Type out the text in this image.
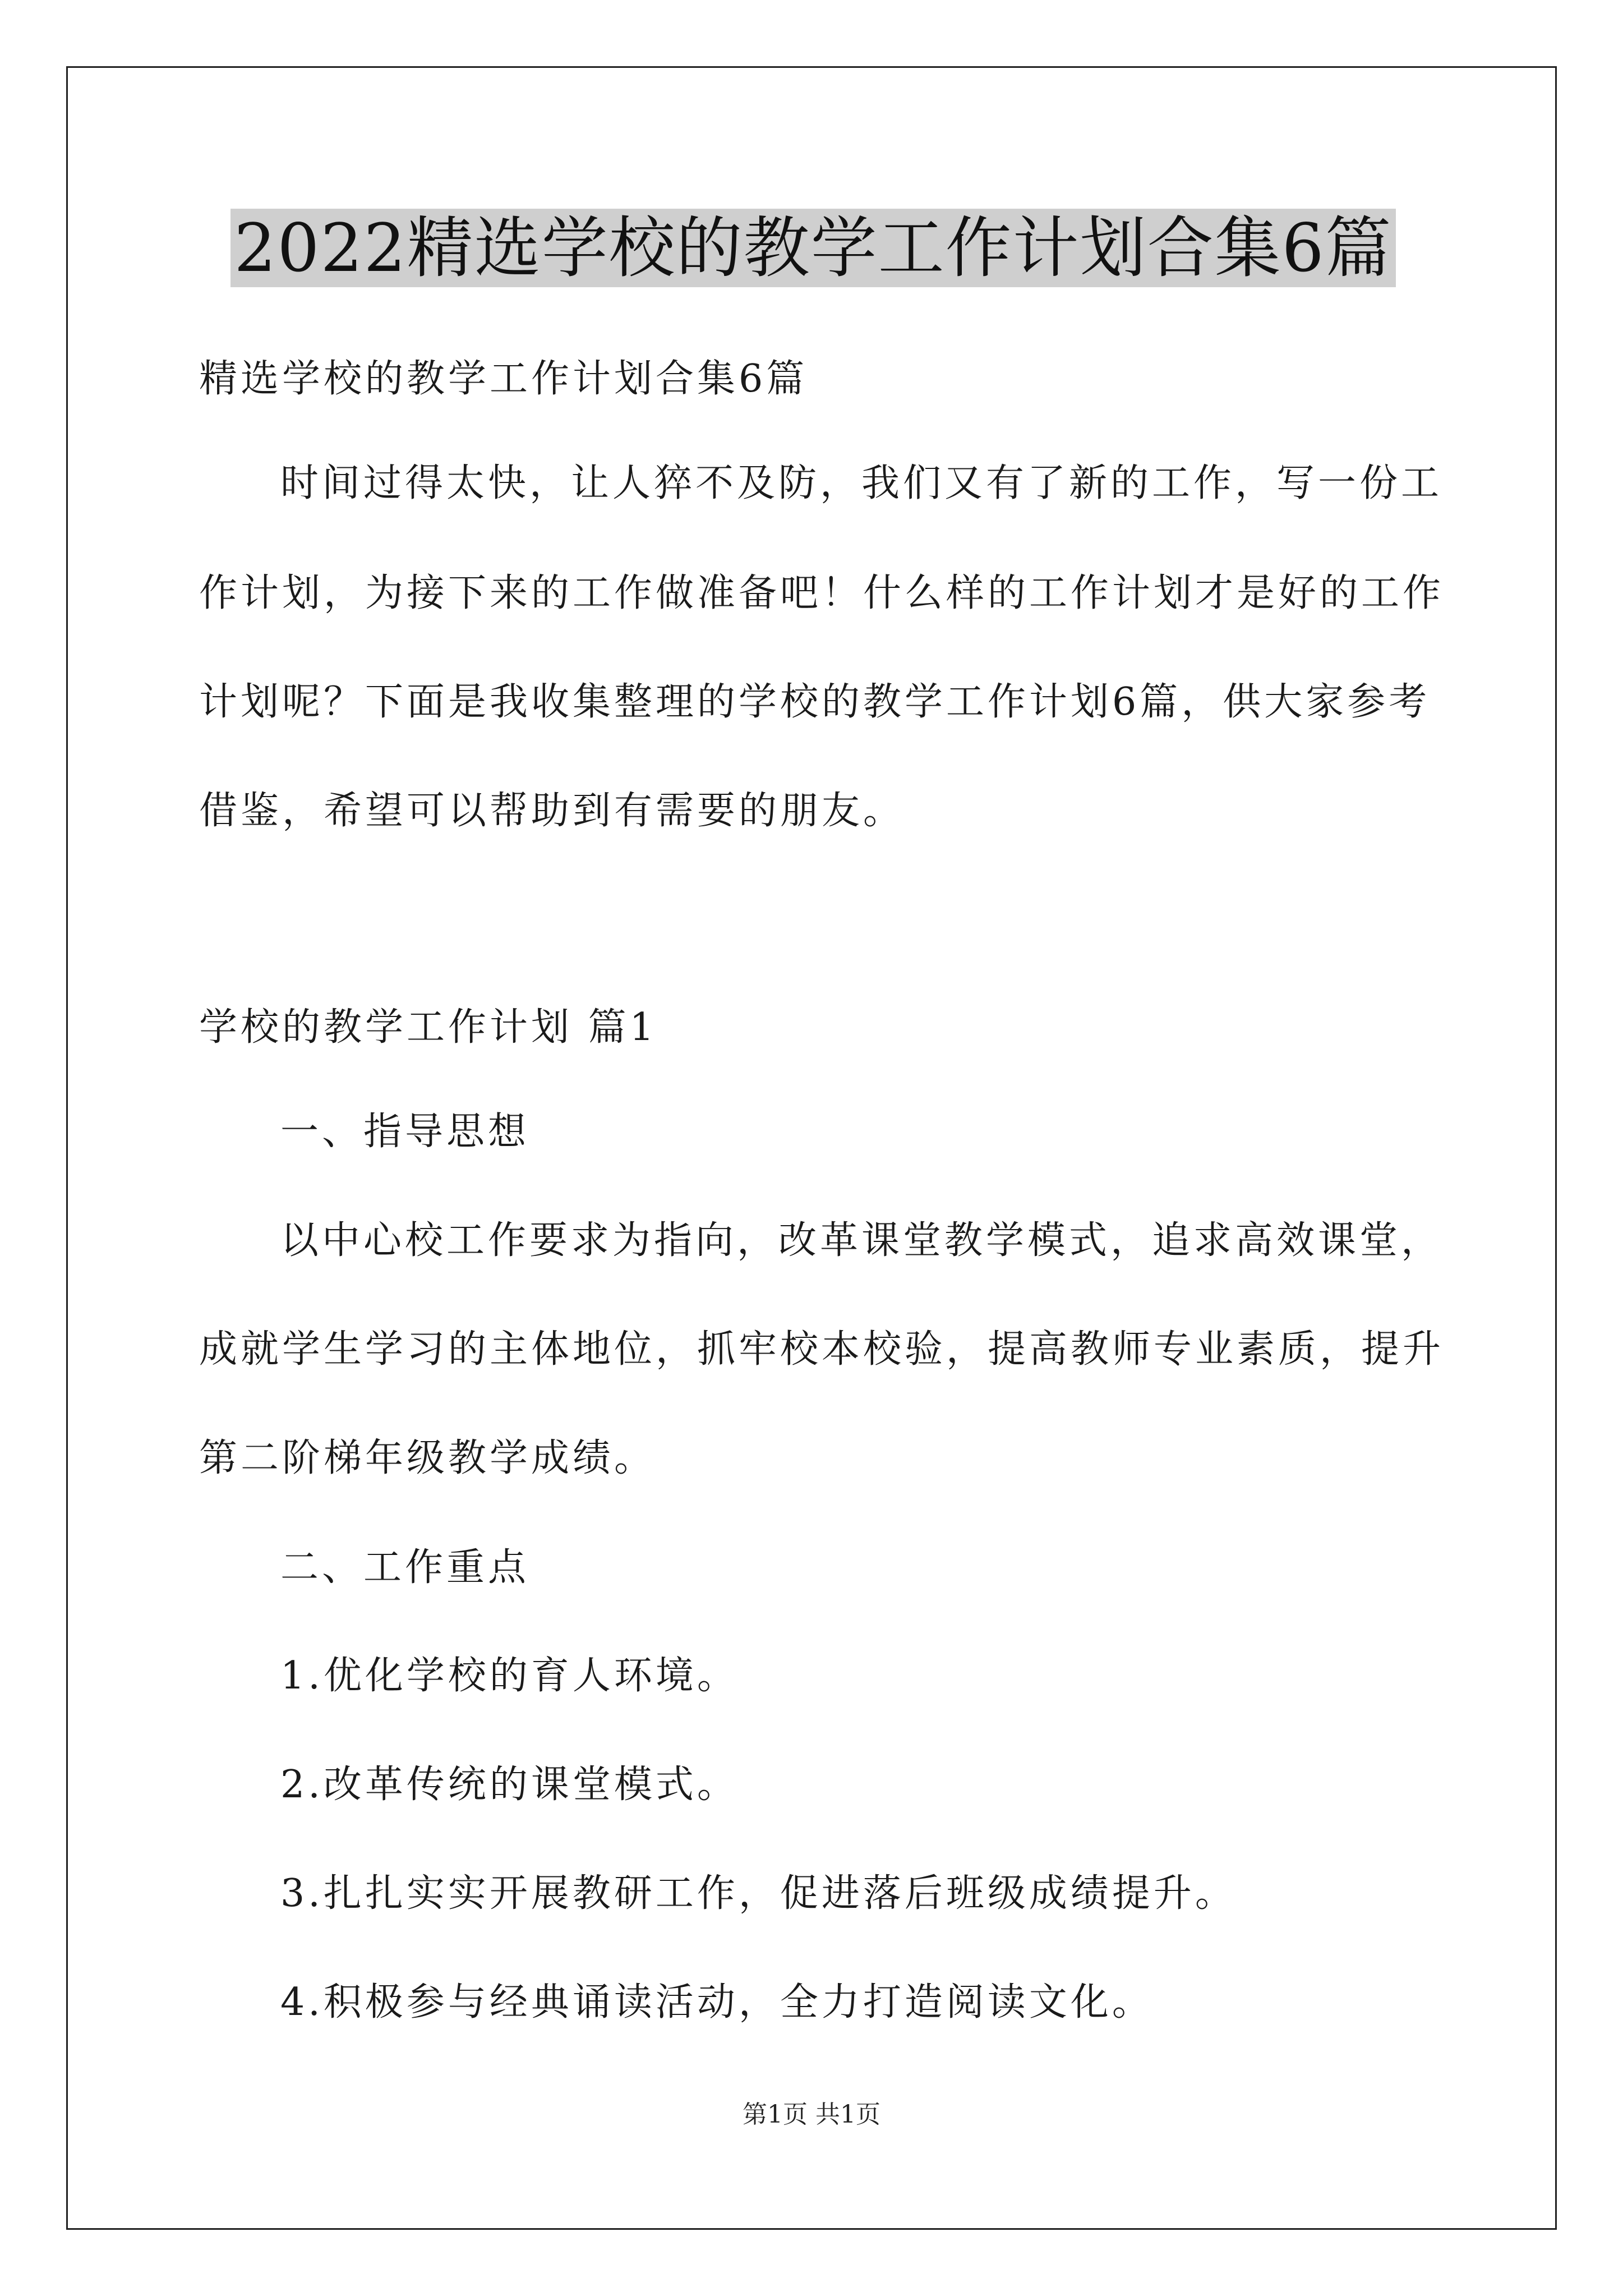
2022精选学校的教学工作计划合集6篇
精选学校的教学工作计划合集6篇
时间过得太快，让人猝不及防，我们又有了新的工作，写一份工
作计划，为接下来的工作做准备吧！什么样的工作计划才是好的工作
计划呢？下面是我收集整理的学校的教学工作计划6篇，供大家参考
借鉴，希望可以帮助到有需要的朋友。
学校的教学工作计划 篇1
一、指导思想
以中心校工作要求为指向，改革课堂教学模式，追求高效课堂，
成就学生学习的主体地位，抓牢校本校验，提高教师专业素质，提升
第二阶梯年级教学成绩。
二、工作重点
1.优化学校的育人环境。
2.改革传统的课堂模式。
3.扎扎实实开展教研工作，促进落后班级成绩提升。
4.积极参与经典诵读活动，全力打造阅读文化。
第1页 共1页
